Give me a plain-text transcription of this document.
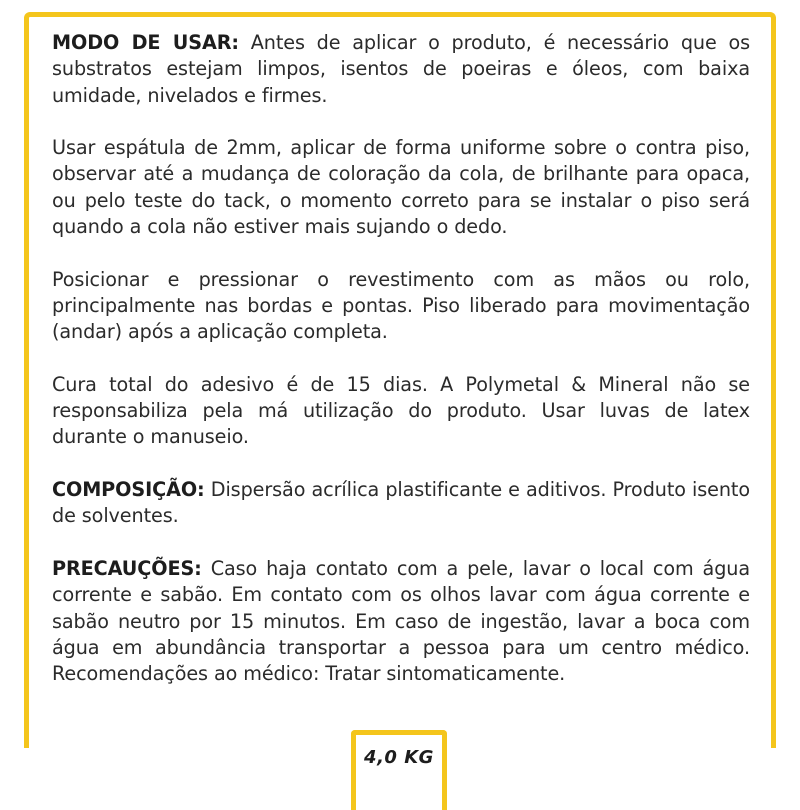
MODO DE USAR: Antes de aplicar o produto, é necessário que os substratos estejam limpos, isentos de poeiras e óleos, com baixa umidade, nivelados e firmes.

Usar espátula de 2mm, aplicar de forma uniforme sobre o contra piso, observar até a mudança de coloração da cola, de brilhante para opaca, ou pelo teste do tack, o momento correto para se instalar o piso será quando a cola não estiver mais sujando o dedo.

Posicionar e pressionar o revestimento com as mãos ou rolo, principalmente nas bordas e pontas. Piso liberado para movimentação (andar) após a aplicação completa.

Cura total do adesivo é de 15 dias. A Polymetal & Mineral não se responsabiliza pela má utilização do produto. Usar luvas de latex durante o manuseio.

COMPOSIÇÃO: Dispersão acrílica plastificante e aditivos. Produto isento de solventes.

PRECAUÇÕES: Caso haja contato com a pele, lavar o local com água corrente e sabão. Em contato com os olhos lavar com água corrente e sabão neutro por 15 minutos. Em caso de ingestão, lavar a boca com água em abundância transportar a pessoa para um centro médico. Recomendações ao médico: Tratar sintomaticamente.

4,0 KG
